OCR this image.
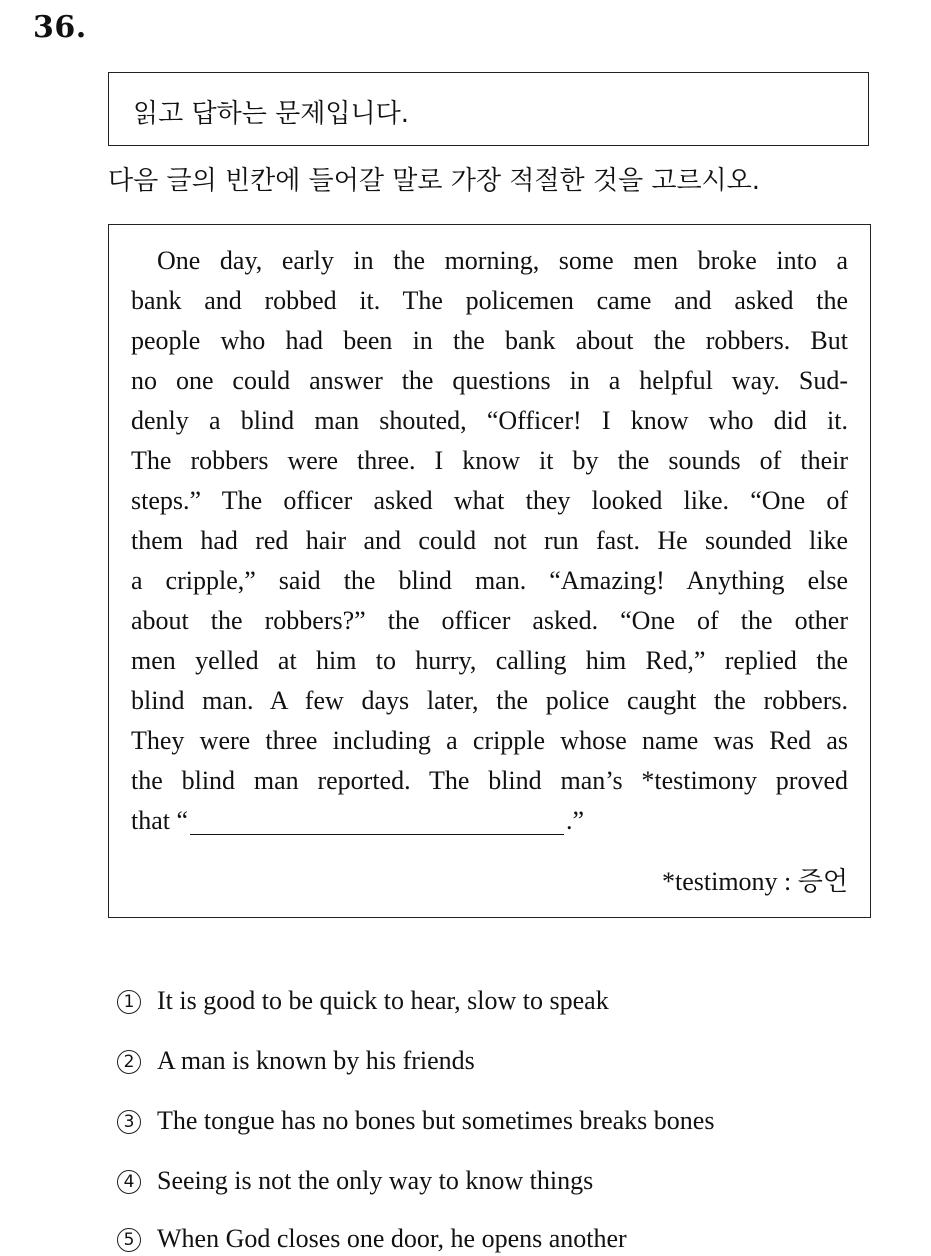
36.
읽고 답하는 문제입니다.
다음 글의 빈칸에 들어갈 말로 가장 적절한 것을 고르시오.
One day, early in the morning, some men broke into a
bank and robbed it. The policemen came and asked the
people who had been in the bank about the robbers. But
no one could answer the questions in a helpful way. Sud-
denly a blind man shouted, “Officer! I know who did it.
The robbers were three. I know it by the sounds of their
steps.” The officer asked what they looked like. “One of
them had red hair and could not run fast. He sounded like
a cripple,” said the blind man. “Amazing! Anything else
about the robbers?” the officer asked. “One of the other
men yelled at him to hurry, calling him Red,” replied the
blind man. A few days later, the police caught the robbers.
They were three including a cripple whose name was Red as
the blind man reported. The blind man’s *testimony proved
that “	.”
*testimony : 증언
1 It is good to be quick to hear, slow to speak
2 A man is known by his friends
3 The tongue has no bones but sometimes breaks bones
4 Seeing is not the only way to know things
5 When God closes one door, he opens another
